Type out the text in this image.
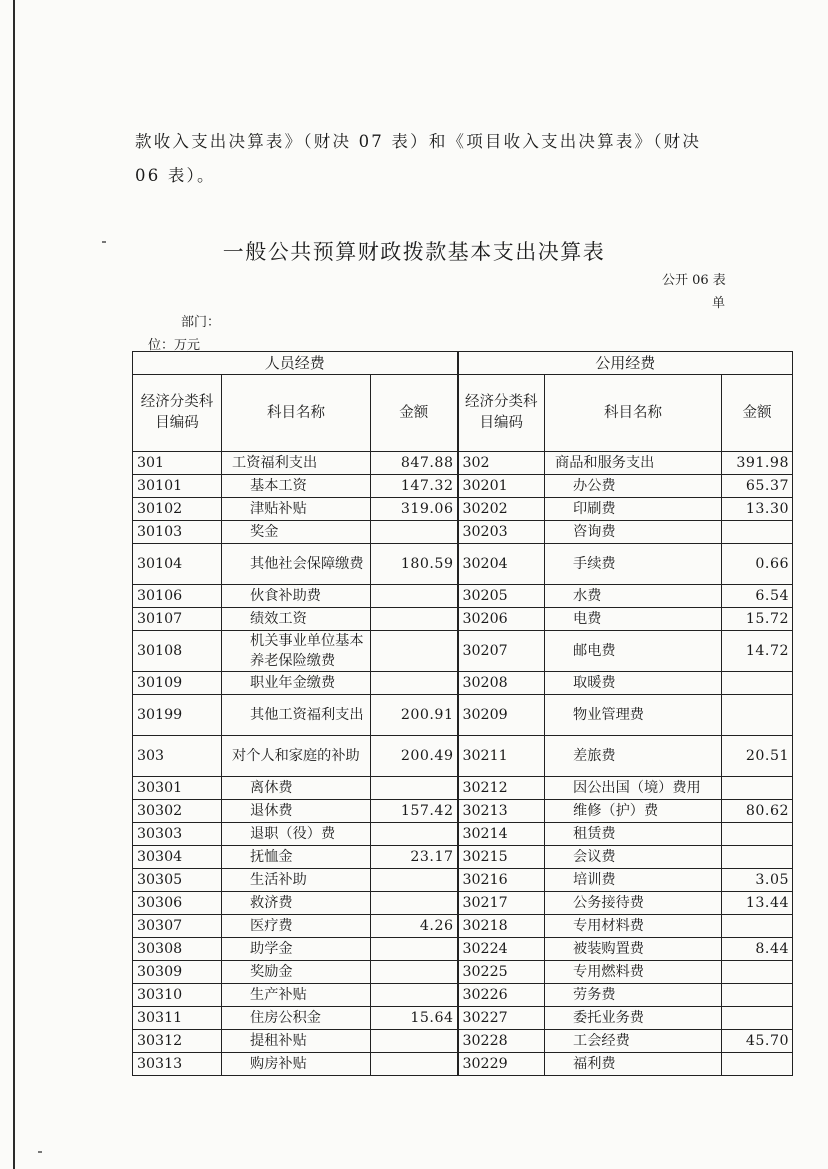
款收入支出决算表》（财决 07 表）和《项目收入支出决算表》（财决
06 表）。
一般公共预算财政拨款基本支出决算表
公开 06 表
单
部门：
位：万元
人员经费			公用经费		
经济分类科目编码	科目名称	金额	经济分类科目编码	科目名称	金额
301	工资福利支出	847.88	302	商品和服务支出	391.98
30101	基本工资	147.32	30201	办公费	65.37
30102	津贴补贴	319.06	30202	印刷费	13.30
30103	奖金		30203	咨询费	
30104	其他社会保障缴费	180.59	30204	手续费	0.66
30106	伙食补助费		30205	水费	6.54
30107	绩效工资		30206	电费	15.72
30108	机关事业单位基本养老保险缴费		30207	邮电费	14.72
30109	职业年金缴费		30208	取暖费	
30199	其他工资福利支出	200.91	30209	物业管理费	
303	对个人和家庭的补助	200.49	30211	差旅费	20.51
30301	离休费		30212	因公出国（境）费用	
30302	退休费	157.42	30213	维修（护）费	80.62
30303	退职（役）费		30214	租赁费	
30304	抚恤金	23.17	30215	会议费	
30305	生活补助		30216	培训费	3.05
30306	救济费		30217	公务接待费	13.44
30307	医疗费	4.26	30218	专用材料费	
30308	助学金		30224	被装购置费	8.44
30309	奖励金		30225	专用燃料费	
30310	生产补贴		30226	劳务费	
30311	住房公积金	15.64	30227	委托业务费	
30312	提租补贴		30228	工会经费	45.70
30313	购房补贴		30229	福利费	
